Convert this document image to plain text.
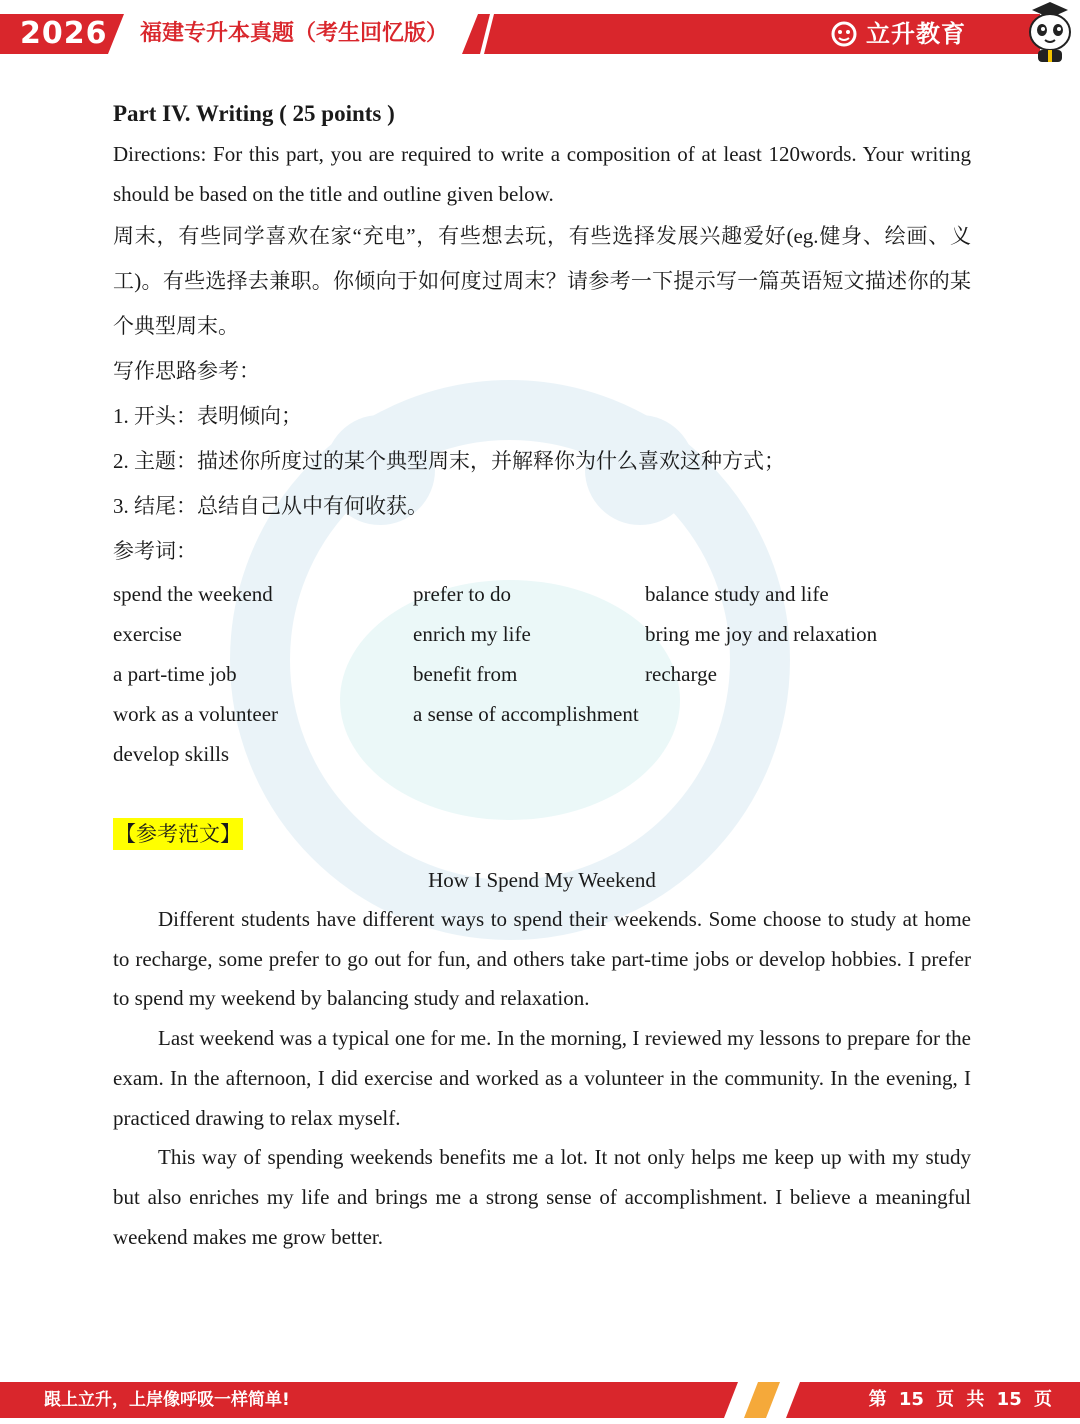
2026 福建专升本真题（考生回忆版）	立升教育

Part IV. Writing ( 25 points )

Directions: For this part, you are required to write a composition of at least 120words. Your writing should be based on the title and outline given below.

周末，有些同学喜欢在家“充电”，有些想去玩，有些选择发展兴趣爱好(eg.健身、绘画、义工)。有些选择去兼职。你倾向于如何度过周末？请参考一下提示写一篇英语短文描述你的某个典型周末。

写作思路参考：

1. 开头：表明倾向；

2. 主题：描述你所度过的某个典型周末，并解释你为什么喜欢这种方式；

3. 结尾：总结自己从中有何收获。

参考词：

spend the weekend
exercise
a part-time job
work as a volunteer
develop skills
prefer to do
enrich my life
benefit from
a sense of accomplishment
balance study and life
bring me joy and relaxation
recharge
【参考范文】

How I Spend My Weekend

Different students have different ways to spend their weekends. Some choose to study at home to recharge, some prefer to go out for fun, and others take part-time jobs or develop hobbies. I prefer to spend my weekend by balancing study and relaxation.

Last weekend was a typical one for me. In the morning, I reviewed my lessons to prepare for the exam. In the afternoon, I did exercise and worked as a volunteer in the community. In the evening, I practiced drawing to relax myself.

This way of spending weekends benefits me a lot. It not only helps me keep up with my study but also enriches my life and brings me a strong sense of accomplishment. I believe a meaningful weekend makes me grow better.

跟上立升，上岸像呼吸一样简单!	第 15 页 共 15 页
